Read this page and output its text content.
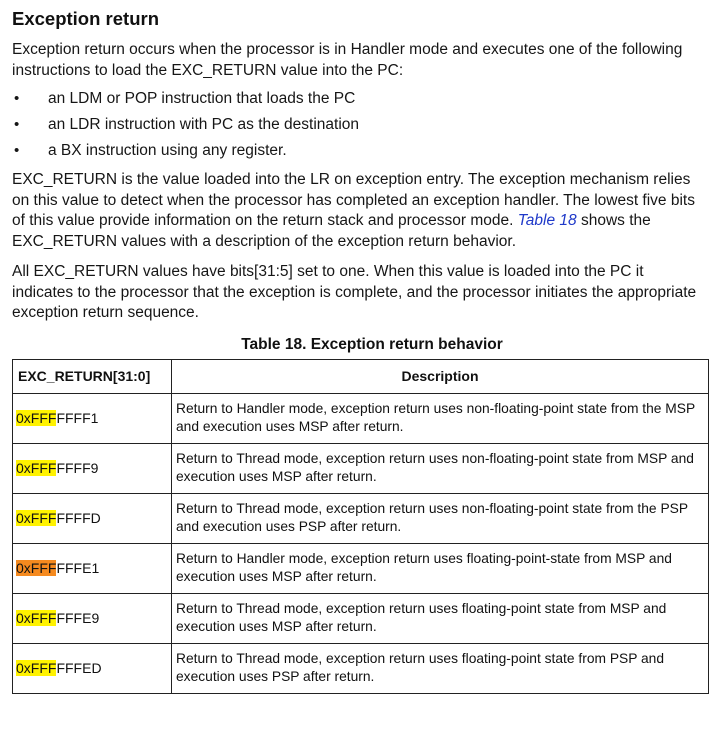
Exception return

Exception return occurs when the processor is in Handler mode and executes one of the following instructions to load the EXC_RETURN value into the PC:

• an LDM or POP instruction that loads the PC
• an LDR instruction with PC as the destination
• a BX instruction using any register.

EXC_RETURN is the value loaded into the LR on exception entry. The exception mechanism relies on this value to detect when the processor has completed an exception handler. The lowest five bits of this value provide information on the return stack and processor mode. Table 18 shows the EXC_RETURN values with a description of the exception return behavior.

All EXC_RETURN values have bits[31:5] set to one. When this value is loaded into the PC it indicates to the processor that the exception is complete, and the processor initiates the appropriate exception return sequence.

Table 18. Exception return behavior
EXC_RETURN[31:0]	Description
0xFFFFFFF1	Return to Handler mode, exception return uses non-floating-point state from the MSP and execution uses MSP after return.
0xFFFFFFF9	Return to Thread mode, exception return uses non-floating-point state from MSP and execution uses MSP after return.
0xFFFFFFFD	Return to Thread mode, exception return uses non-floating-point state from the PSP and execution uses PSP after return.
0xFFFFFFE1	Return to Handler mode, exception return uses floating-point-state from MSP and execution uses MSP after return.
0xFFFFFFE9	Return to Thread mode, exception return uses floating-point state from MSP and execution uses MSP after return.
0xFFFFFFED	Return to Thread mode, exception return uses floating-point state from PSP and execution uses PSP after return.
